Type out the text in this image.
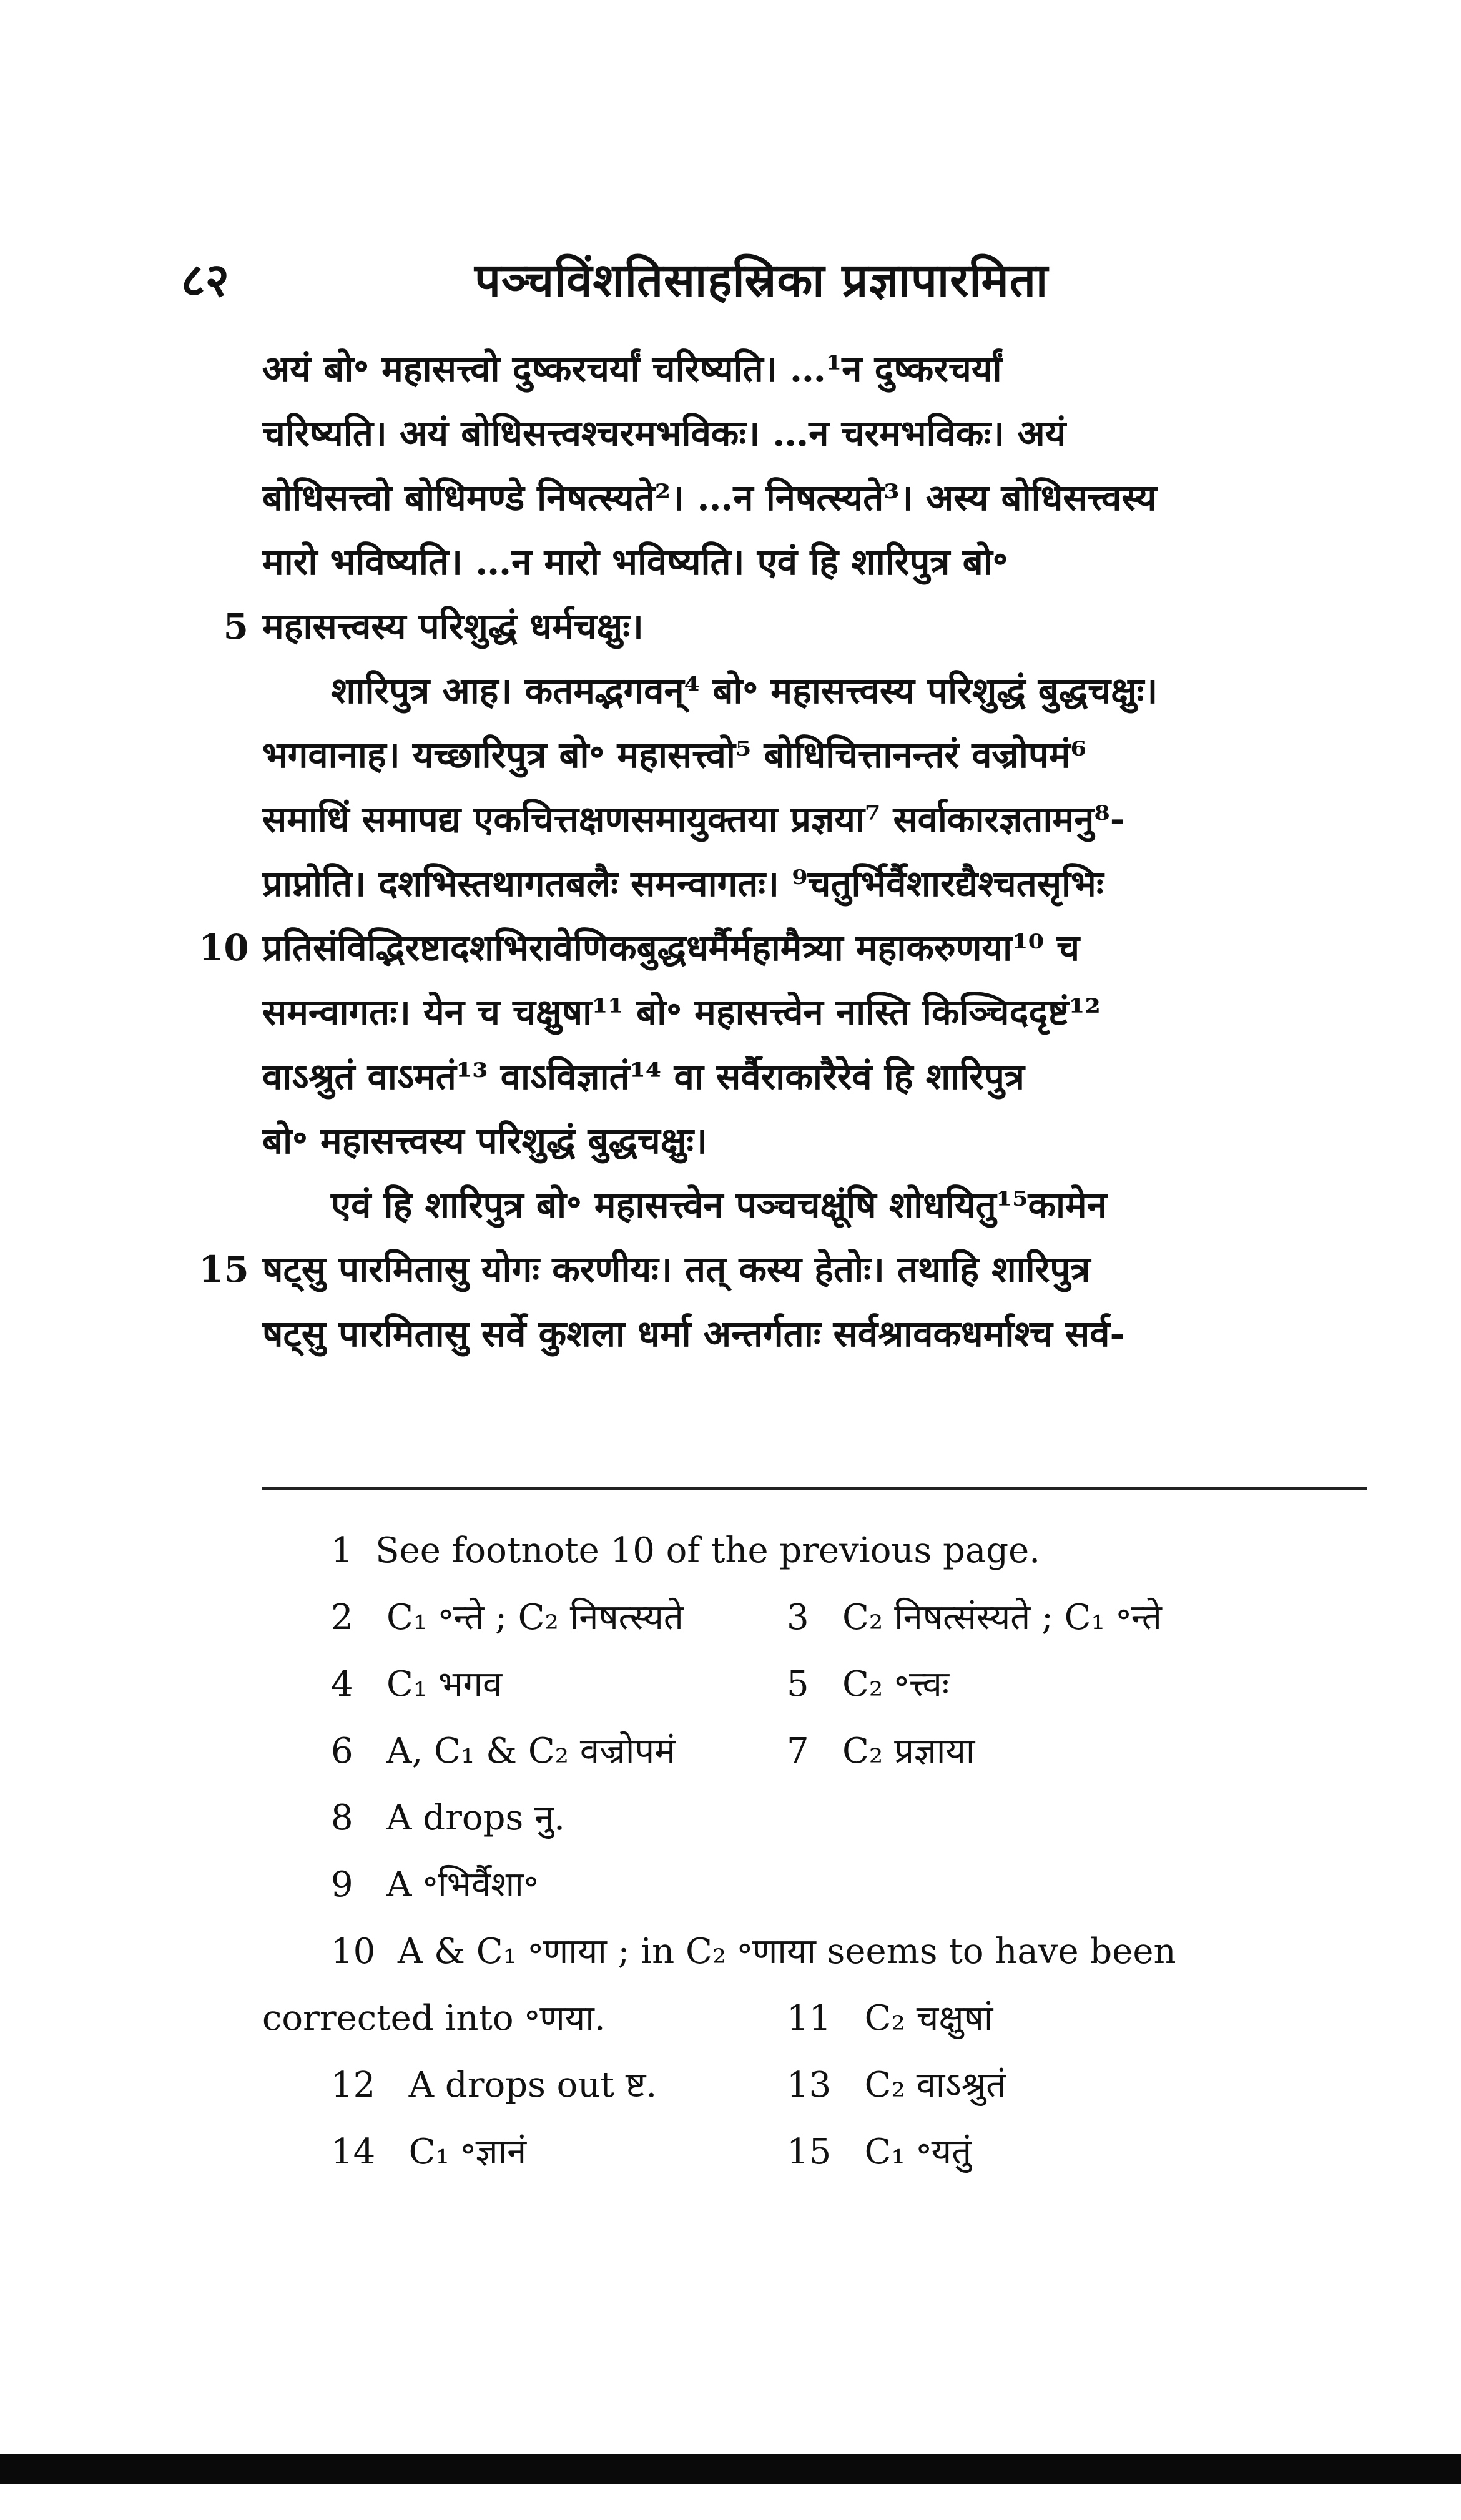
८२	पञ्चविंशतिसाहस्रिका प्रज्ञापारमिता
अयं बो॰ महासत्त्वो दुष्करचर्यां चरिष्यति। …¹न दुष्करचर्यां
चरिष्यति। अयं बोधिसत्त्वश्चरमभविकः। …न चरमभविकः। अयं
बोधिसत्त्वो बोधिमण्डे निषत्स्यते²। …न निषत्स्यते³। अस्य बोधिसत्त्वस्य
मारो भविष्यति। …न मारो भविष्यति। एवं हि शारिपुत्र बो॰
5 महासत्त्वस्य परिशुद्धं धर्मचक्षुः।
शारिपुत्र आह। कतमद्भगवन्⁴ बो॰ महासत्त्वस्य परिशुद्धं बुद्धचक्षुः।
भगवानाह। यच्छारिपुत्र बो॰ महासत्त्वो⁵ बोधिचित्तानन्तरं वज्रोपमं⁶
समाधिं समापद्य एकचित्तक्षणसमायुक्तया प्रज्ञया⁷ सर्वाकारज्ञतामनु⁸-
प्राप्नोति। दशभिस्तथागतबलैः समन्वागतः। ⁹चतुर्भिर्वैशारद्यैश्चतसृभिः
10 प्रतिसंविद्भिरष्टादशभिरावेणिकबुद्धधर्मैर्महामैत्र्या महाकरुणया¹⁰ च
समन्वागतः। येन च चक्षुषा¹¹ बो॰ महासत्त्वेन नास्ति किञ्चिददृष्टं¹²
वाऽश्रुतं वाऽमतं¹³ वाऽविज्ञातं¹⁴ वा सर्वैराकारैरेवं हि शारिपुत्र
बो॰ महासत्त्वस्य परिशुद्धं बुद्धचक्षुः।
एवं हि शारिपुत्र बो॰ महासत्त्वेन पञ्चचक्षूंषि शोधयितु¹⁵कामेन
15 षट्सु पारमितासु योगः करणीयः। तत् कस्य हेतोः। तथाहि शारिपुत्र
षट्सु पारमितासु सर्वे कुशला धर्मा अन्तर्गताः सर्वश्रावकधर्माश्च सर्व-
1 See footnote 10 of the previous page.
2 C₁ ॰न्ते ; C₂ निषत्स्यते	3 C₂ निषत्संस्यते ; C₁ ॰न्ते
4 C₁ भगव	5 C₂ ॰त्त्वः
6 A, C₁ & C₂ वज्रोपमं	7 C₂ प्रज्ञाया
8 A drops नु.
9 A ॰भिर्वैशा॰
10 A & C₁ ॰णाया ; in C₂ ॰णाया seems to have been
corrected into ॰णया.	11 C₂ चक्षुषां
12 A drops out ष्ट.	13 C₂ वाऽश्रुतं
14 C₁ ॰ज्ञानं	15 C₁ ॰यतुं
